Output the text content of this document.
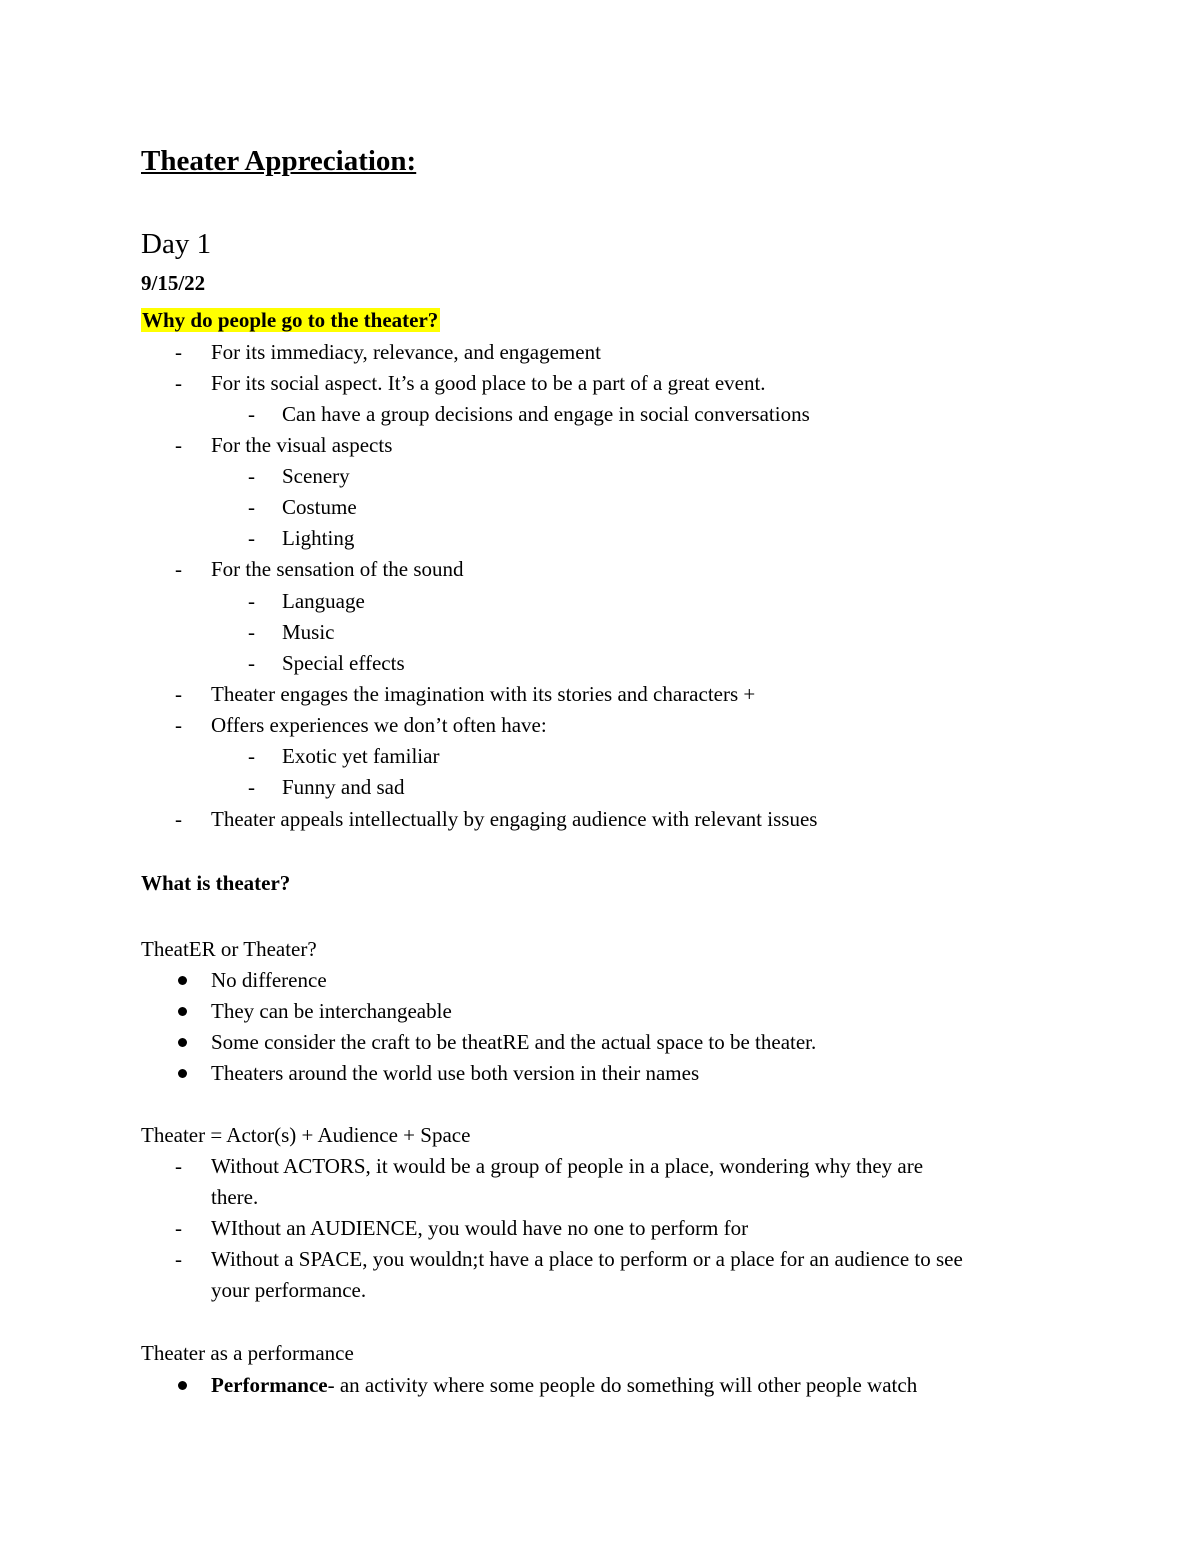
Theater Appreciation:
Day 1
9/15/22
Why do people go to the theater?
- For its immediacy, relevance, and engagement
- For its social aspect. It’s a good place to be a part of a great event.
- Can have a group decisions and engage in social conversations
- For the visual aspects
- Scenery
- Costume
- Lighting
- For the sensation of the sound
- Language
- Music
- Special effects
- Theater engages the imagination with its stories and characters +
- Offers experiences we don’t often have:
- Exotic yet familiar
- Funny and sad
- Theater appeals intellectually by engaging audience with relevant issues
What is theater?
TheatER or Theater?
No difference
They can be interchangeable
Some consider the craft to be theatRE and the actual space to be theater.
Theaters around the world use both version in their names
Theater = Actor(s) + Audience + Space
- Without ACTORS, it would be a group of people in a place, wondering why they are
there.
- WIthout an AUDIENCE, you would have no one to perform for
- Without a SPACE, you wouldn;t have a place to perform or a place for an audience to see
your performance.
Theater as a performance
Performance- an activity where some people do something will other people watch
